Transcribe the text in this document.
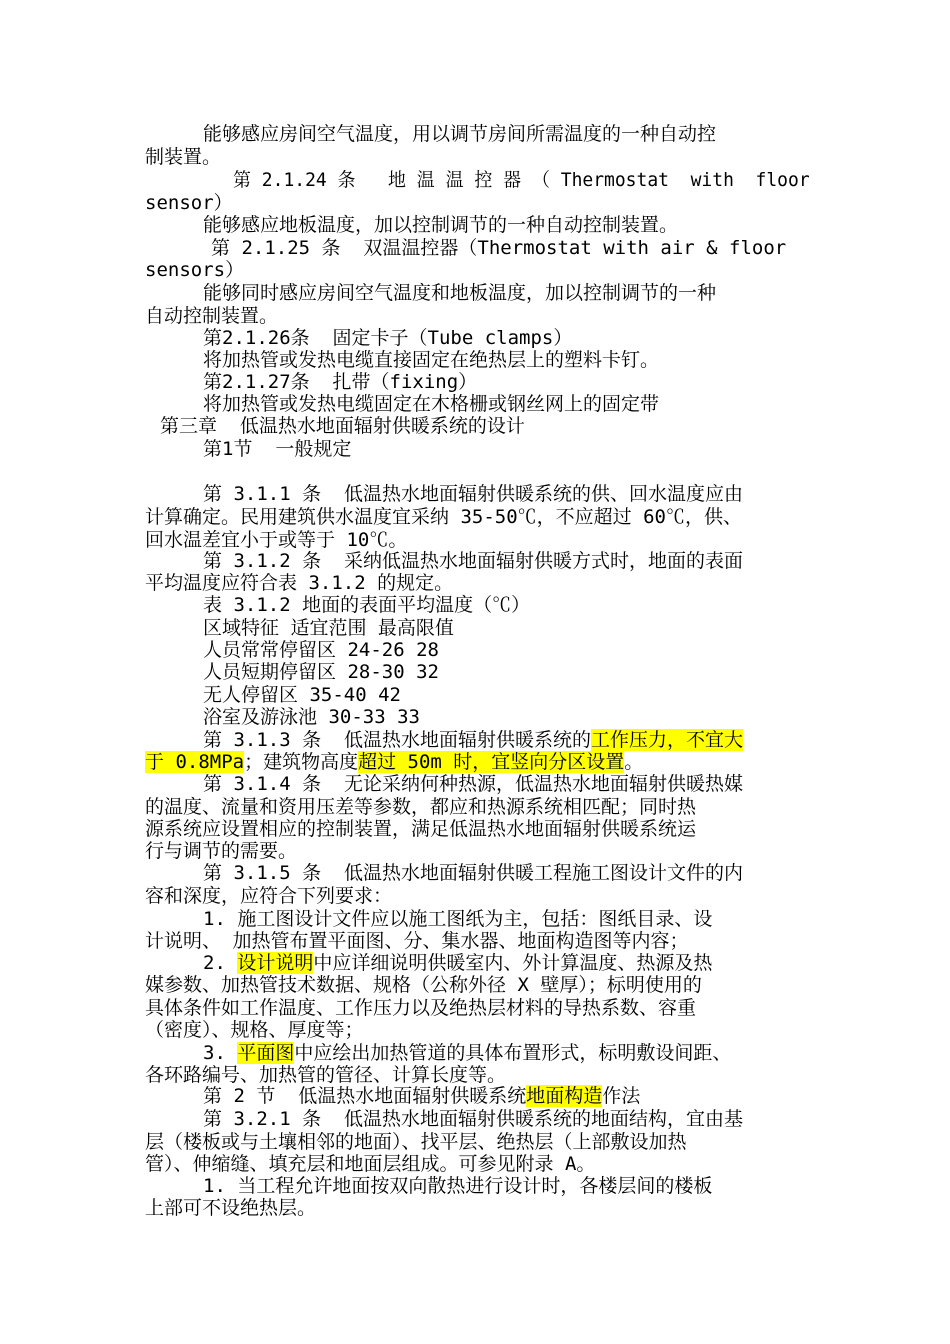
能够感应房间空气温度，用以调节房间所需温度的一种自动控
制装置。
第 2.1.24 条   地 温 温 控 器 （ Thermostat  with  floor
sensor）
能够感应地板温度，加以控制调节的一种自动控制装置。
第 2.1.25 条  双温温控器（Thermostat with air & floor
sensors）
能够同时感应房间空气温度和地板温度，加以控制调节的一种
自动控制装置。
第2.1.26条  固定卡子（Tube clamps）
将加热管或发热电缆直接固定在绝热层上的塑料卡钉。
第2.1.27条  扎带（fixing）
将加热管或发热电缆固定在木格栅或钢丝网上的固定带
第三章  低温热水地面辐射供暖系统的设计
第1节  一般规定
第 3.1.1 条  低温热水地面辐射供暖系统的供、回水温度应由
计算确定。民用建筑供水温度宜采纳 35-50℃，不应超过 60℃，供、
回水温差宜小于或等于 10℃。
第 3.1.2 条  采纳低温热水地面辐射供暖方式时，地面的表面
平均温度应符合表 3.1.2 的规定。
表 3.1.2 地面的表面平均温度（℃）
区域特征 适宜范围 最高限值
人员常常停留区 24-26 28
人员短期停留区 28-30 32
无人停留区 35-40 42
浴室及游泳池 30-33 33
第 3.1.3 条  低温热水地面辐射供暖系统的工作压力，不宜大
于 0.8MPa；建筑物高度超过 50m 时，宜竖向分区设置。
第 3.1.4 条  无论采纳何种热源，低温热水地面辐射供暖热媒
的温度、流量和资用压差等参数，都应和热源系统相匹配；同时热
源系统应设置相应的控制装置，满足低温热水地面辐射供暖系统运
行与调节的需要。
第 3.1.5 条  低温热水地面辐射供暖工程施工图设计文件的内
容和深度，应符合下列要求：
1. 施工图设计文件应以施工图纸为主，包括：图纸目录、设
计说明、 加热管布置平面图、分、集水器、地面构造图等内容；
2. 设计说明中应详细说明供暖室内、外计算温度、热源及热
媒参数、加热管技术数据、规格（公称外径 X 壁厚）；标明使用的
具体条件如工作温度、工作压力以及绝热层材料的导热系数、容重
（密度）、规格、厚度等；
3. 平面图中应绘出加热管道的具体布置形式，标明敷设间距、
各环路编号、加热管的管径、计算长度等。
第 2 节  低温热水地面辐射供暖系统地面构造作法
第 3.2.1 条  低温热水地面辐射供暖系统的地面结构，宜由基
层（楼板或与土壤相邻的地面）、找平层、绝热层（上部敷设加热
管）、伸缩缝、填充层和地面层组成。可参见附录 A。
1. 当工程允许地面按双向散热进行设计时，各楼层间的楼板
上部可不设绝热层。
